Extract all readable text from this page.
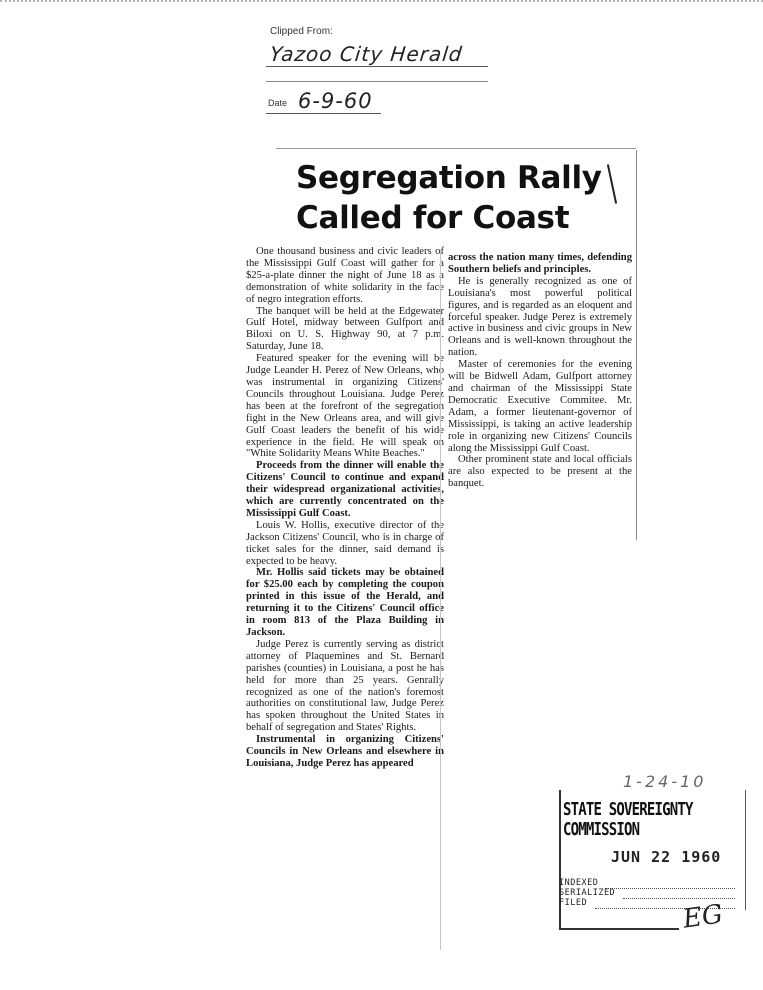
Clipped From:
Yazoo City Herald
Date 6-9-60
Segregation Rally
Called for Coast

One thousand business and civic leaders of the Mississippi Gulf Coast will gather for a $25-a-plate dinner the night of June 18 as a demonstration of white solidarity in the face of negro integration efforts.

The banquet will be held at the Edgewater Gulf Hotel, midway between Gulfport and Biloxi on U. S. Highway 90, at 7 p.m. Saturday, June 18.

Featured speaker for the evening will be Judge Leander H. Perez of New Orleans, who was instrumental in organizing Citizens' Councils throughout Louisiana. Judge Perez has been at the forefront of the segregation fight in the New Orleans area, and will give Gulf Coast leaders the benefit of his wide experience in the field. He will speak on "White Solidarity Means White Beaches."

Proceeds from the dinner will enable the Citizens' Council to continue and expand their widespread organizational activities, which are currently concentrated on the Mississippi Gulf Coast.

Louis W. Hollis, executive director of the Jackson Citizens' Council, who is in charge of ticket sales for the dinner, said demand is expected to be heavy.

Mr. Hollis said tickets may be obtained for $25.00 each by completing the coupon printed in this issue of the Herald, and returning it to the Citizens' Council office in room 813 of the Plaza Building in Jackson.

Judge Perez is currently serving as district attorney of Plaquemines and St. Bernard parishes (counties) in Louisiana, a post he has held for more than 25 years. Genrally recognized as one of the nation's foremost authorities on constitutional law, Judge Perez has spoken throughout the United States in behalf of segregation and States' Rights.

Instrumental in organizing Citizens' Councils in New Orleans and elsewhere in Louisiana, Judge Perez has appeared

across the nation many times, defending Southern beliefs and principles.

He is generally recognized as one of Louisiana's most powerful political figures, and is regarded as an eloquent and forceful speaker. Judge Perez is extremely active in business and civic groups in New Orleans and is well-known throughout the nation.

Master of ceremonies for the evening will be Bidwell Adam, Gulfport attorney and chairman of the Mississippi State Democratic Executive Commitee. Mr. Adam, a former lieutenant-governor of Mississippi, is taking an active leadership role in organizing new Citizens' Councils along the Mississippi Gulf Coast.

Other prominent state and local officials are also expected to be present at the banquet.

1-24-10
STATE SOVEREIGNTY COMMISSION
JUN 22 1960
INDEXED
SERIALIZED
FILED	EG
